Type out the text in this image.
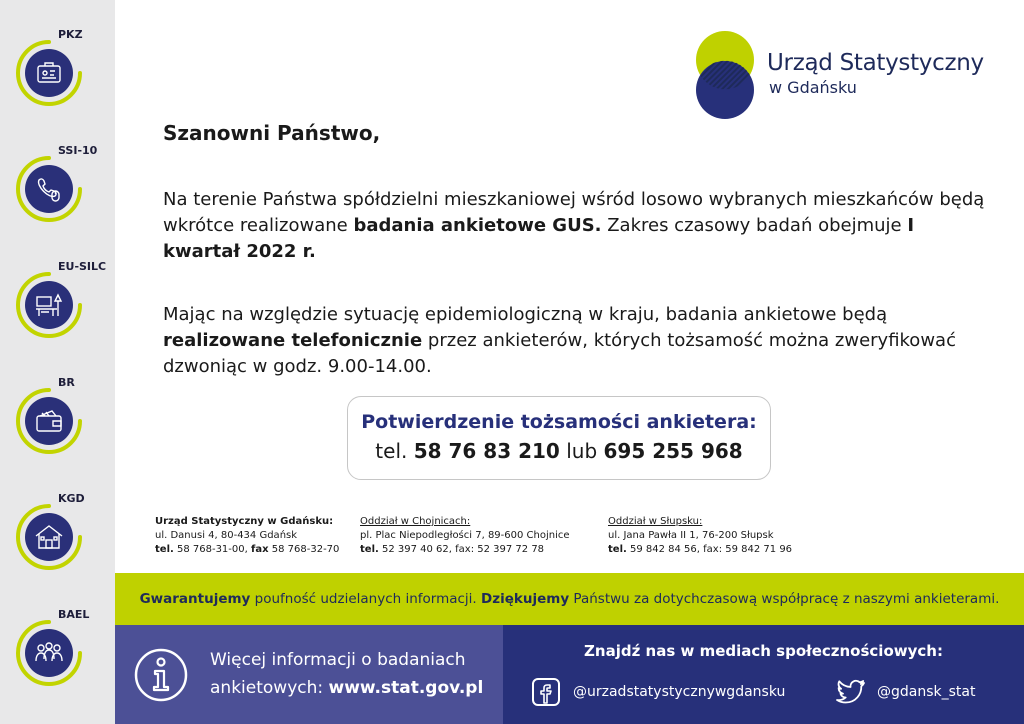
PKZ
SSI-10
EU-SILC
BR
KGD
BAEL
Urząd Statystyczny
w Gdańsku
Szanowni Państwo,
Na terenie Państwa spółdzielni mieszkaniowej wśród losowo wybranych mieszkańców będą wkrótce realizowane badania ankietowe GUS. Zakres czasowy badań obejmuje I kwartał 2022 r.
Mając na względzie sytuację epidemiologiczną w kraju, badania ankietowe będą realizowane telefonicznie przez ankieterów, których tożsamość można zweryfikować dzwoniąc w godz. 9.00-14.00.
Potwierdzenie tożsamości ankietera:
tel. 58 76 83 210 lub 695 255 968
Urząd Statystyczny w Gdańsku:
ul. Danusi 4, 80-434 Gdańsk
tel. 58 768-31-00, fax 58 768-32-70
Oddział w Chojnicach:
pl. Plac Niepodległości 7, 89-600 Chojnice
tel. 52 397 40 62, fax: 52 397 72 78
Oddział w Słupsku:
ul. Jana Pawła II 1, 76-200 Słupsk
tel. 59 842 84 56, fax: 59 842 71 96
Gwarantujemy poufność udzielanych informacji. Dziękujemy Państwu za dotychczasową współpracę z naszymi ankieterami.
Więcej informacji o badaniach
ankietowych: www.stat.gov.pl
Znajdź nas w mediach społecznościowych:
@urzadstatystycznywgdansku	@gdansk_stat
